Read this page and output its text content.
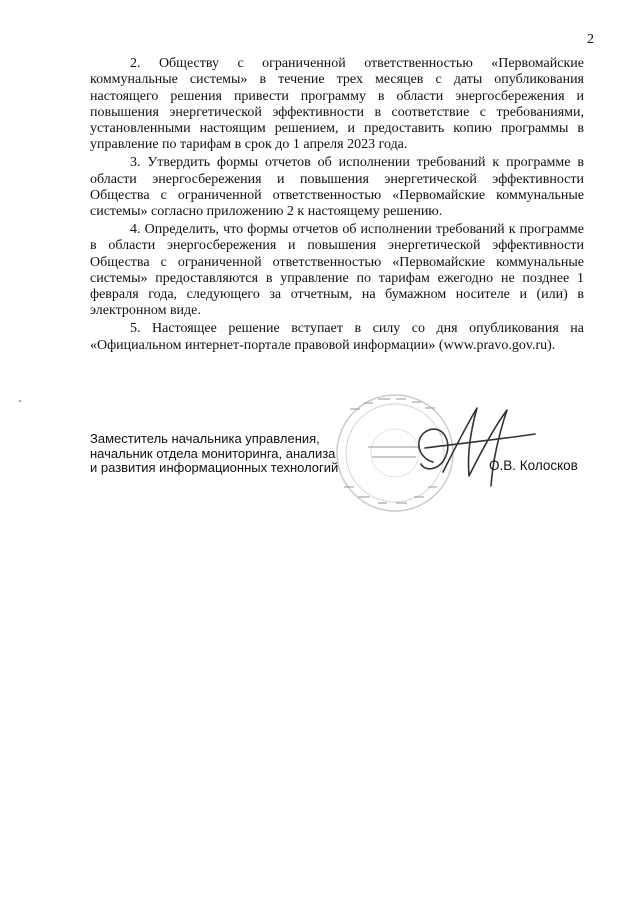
2

2. Обществу с ограниченной ответственностью «Первомайские коммунальные системы» в течение трех месяцев с даты опубликования настоящего решения привести программу в области энергосбережения и повышения энергетической эффективности в соответствие с требованиями, установленными настоящим решением, и предоставить копию программы в управление по тарифам в срок до 1 апреля 2023 года.

3. Утвердить формы отчетов об исполнении требований к программе в области энергосбережения и повышения энергетической эффективности Общества с ограниченной ответственностью «Первомайские коммунальные системы» согласно приложению 2 к настоящему решению.

4. Определить, что формы отчетов об исполнении требований к программе в области энергосбережения и повышения энергетической эффективности Общества с ограниченной ответственностью «Первомайские коммунальные системы» предоставляются в управление по тарифам ежегодно не позднее 1 февраля года, следующего за отчетным, на бумажном носителе и (или) в электронном виде.

5. Настоящее решение вступает в силу со дня опубликования на «Официальном интернет-портале правовой информации» (www.pravo.gov.ru).

Заместитель начальника управления,
начальник отдела мониторинга, анализа
и развития информационных технологий	О.В. Колосков
